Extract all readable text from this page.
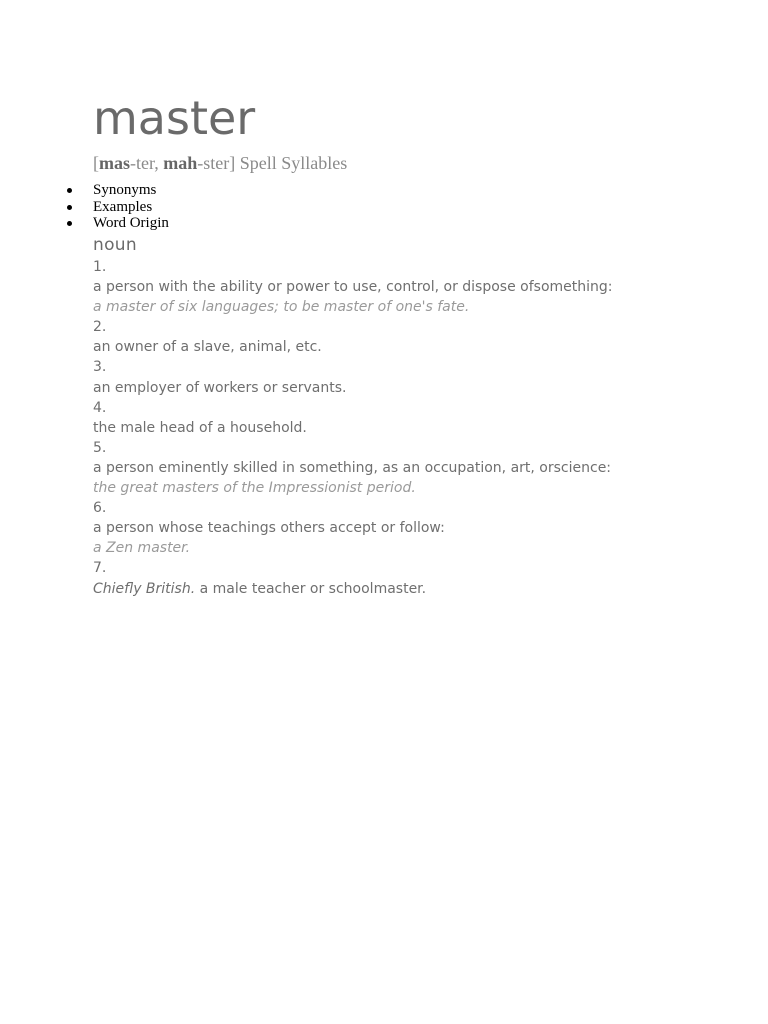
master
[mas-ter, mah-ster] Spell Syllables
Synonyms
Examples
Word Origin
noun
1.
a person with the ability or power to use, control, or dispose ofsomething:
a master of six languages; to be master of one's fate.
2.
an owner of a slave, animal, etc.
3.
an employer of workers or servants.
4.
the male head of a household.
5.
a person eminently skilled in something, as an occupation, art, orscience:
the great masters of the Impressionist period.
6.
a person whose teachings others accept or follow:
a Zen master.
7.
Chiefly British. a male teacher or schoolmaster.
